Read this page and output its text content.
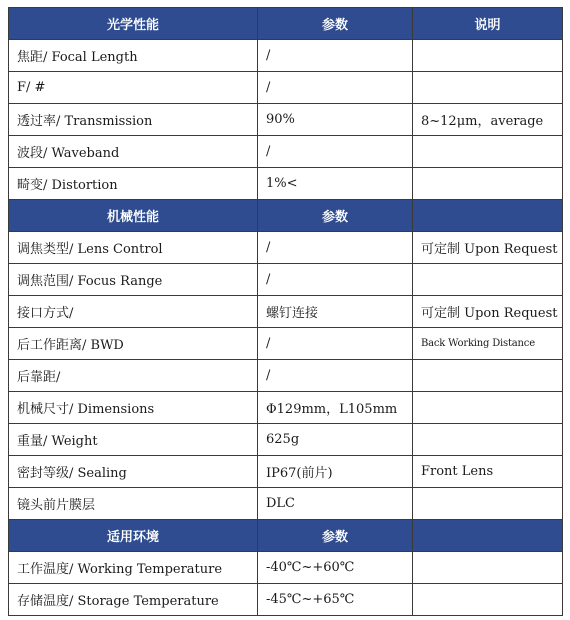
光学性能	参数	说明
焦距/ Focal Length	/	
F/ #	/	
透过率/ Transmission	90%	8~12μm，average
波段/ Waveband	/	
畸变/ Distortion	1%<	
机械性能	参数	
调焦类型/ Lens Control	/	可定制 Upon Request
调焦范围/ Focus Range	/	
接口方式/	螺钉连接	可定制 Upon Request
后工作距离/ BWD	/	Back Working Distance
后靠距/	/	
机械尺寸/ Dimensions	Φ129mm，L105mm	
重量/ Weight	625g	
密封等级/ Sealing	IP67(前片)	Front Lens
镜头前片膜层	DLC	
适用环境	参数	
工作温度/ Working Temperature	-40℃~+60℃	
存储温度/ Storage Temperature	-45℃~+65℃	
